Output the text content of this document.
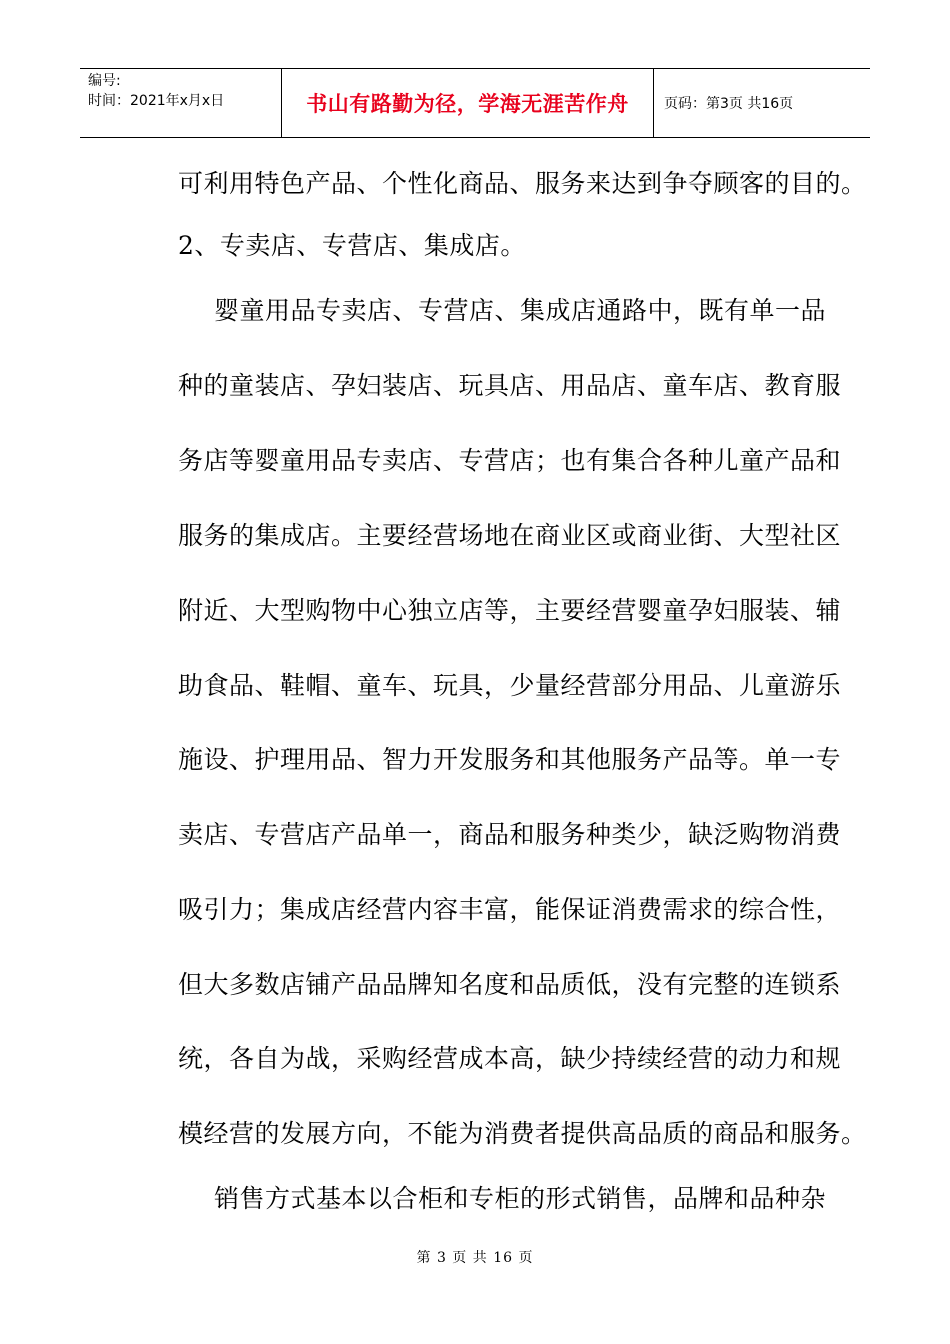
编号:
时间：2021年x月x日	书山有路勤为径，学海无涯苦作舟	页码：第3页 共16页
可利用特色产品、个性化商品、服务来达到争夺顾客的目的。
2、专卖店、专营店、集成店。
婴童用品专卖店、专营店、集成店通路中，既有单一品
种的童装店、孕妇装店、玩具店、用品店、童车店、教育服
务店等婴童用品专卖店、专营店；也有集合各种儿童产品和
服务的集成店。主要经营场地在商业区或商业街、大型社区
附近、大型购物中心独立店等，主要经营婴童孕妇服装、辅
助食品、鞋帽、童车、玩具，少量经营部分用品、儿童游乐
施设、护理用品、智力开发服务和其他服务产品等。单一专
卖店、专营店产品单一，商品和服务种类少，缺泛购物消费
吸引力；集成店经营内容丰富，能保证消费需求的综合性，
但大多数店铺产品品牌知名度和品质低，没有完整的连锁系
统，各自为战，采购经营成本高，缺少持续经营的动力和规
模经营的发展方向，不能为消费者提供高品质的商品和服务。
销售方式基本以合柜和专柜的形式销售，品牌和品种杂
第 3 页 共 16 页
